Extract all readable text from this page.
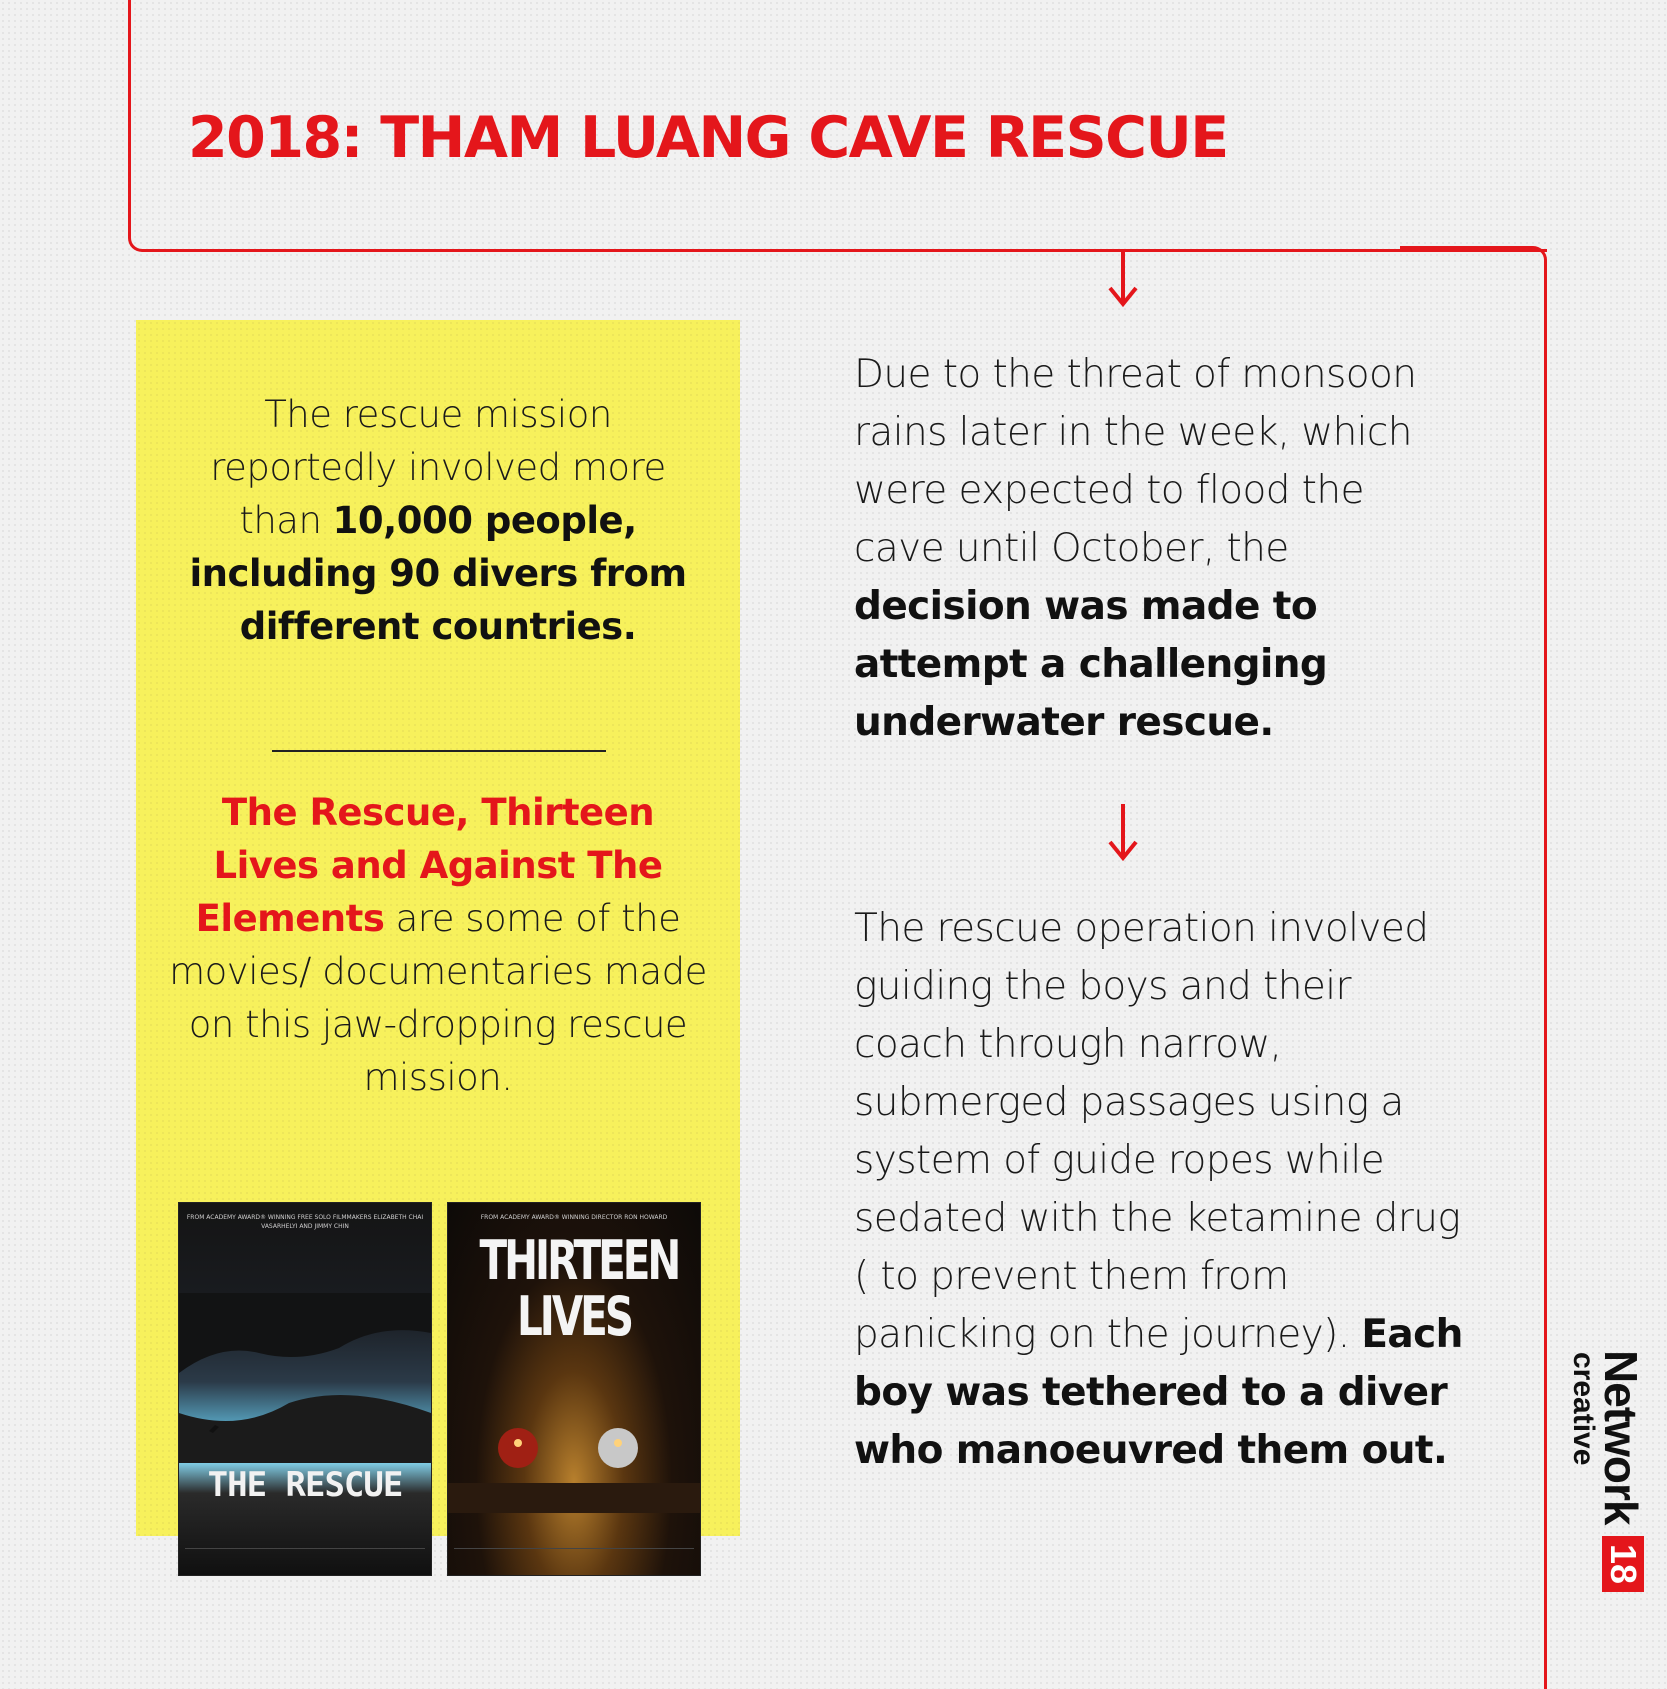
2018: THAM LUANG CAVE RESCUE
The rescue mission reportedly involved more than 10,000 people, including 90 divers from different countries.
The Rescue, Thirteen Lives and Against The Elements are some of the movies/ documentaries made on this jaw-dropping rescue mission.
FROM ACADEMY AWARD® WINNING FREE SOLO FILMMAKERS ELIZABETH CHAI VASARHELYI AND JIMMY CHIN
THE RESCUE
FROM ACADEMY AWARD® WINNING DIRECTOR RON HOWARD
THIRTEEN LIVES
Due to the threat of monsoon rains later in the week, which were expected to flood the cave until October, the decision was made to attempt a challenging underwater rescue.
The rescue operation involved guiding the boys and their coach through narrow, submerged passages using a system of guide ropes while sedated with the ketamine drug ( to prevent them from panicking on the journey). Each boy was tethered to a diver who manoeuvred them out.	Network
18
creative
